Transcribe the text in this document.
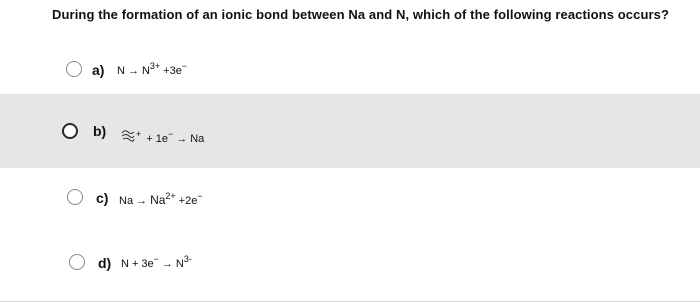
During the formation of an ionic bond between Na and N, which of the following reactions occurs?
a) $N \to N^{3+} + 3e^-$
b)	+ + 1e− → Na
c) $Na \to Na^{2+} + 2e^-$
d) $N + 3e^- \to N^{3-}$
